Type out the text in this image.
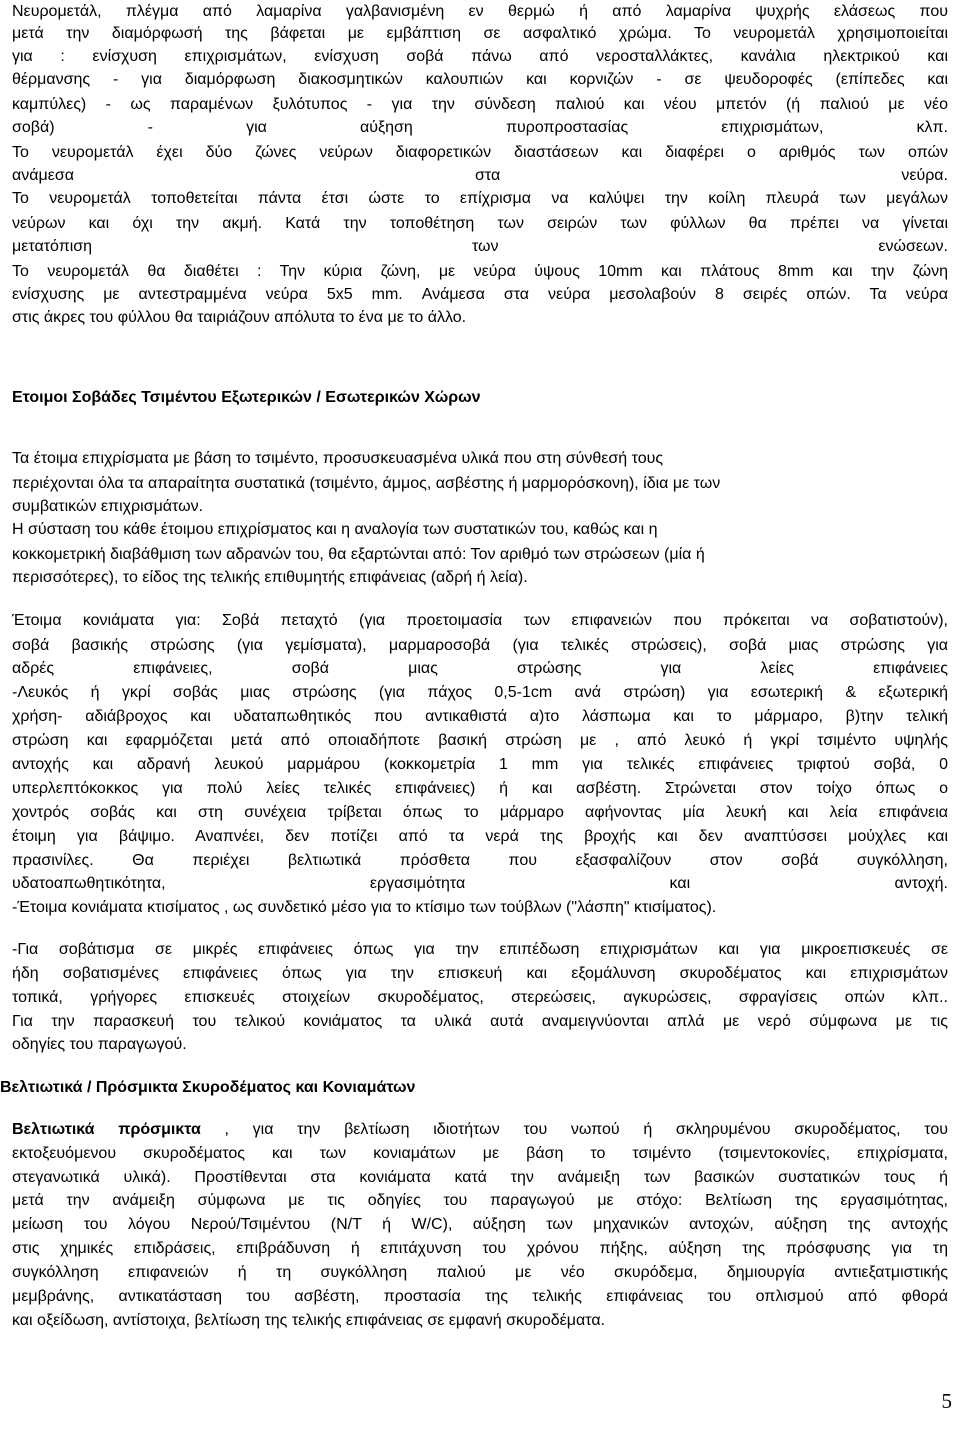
Νευρομετάλ, πλέγμα από λαμαρίνα γαλβανισμένη εν θερμώ ή από λαμαρίνα ψυχρής ελάσεως που
μετά την διαμόρφωσή της βάφεται με εμβάπτιση σε ασφαλτικό χρώμα. Το νευρομετάλ χρησιμοποιείται
για : ενίσχυση επιχρισμάτων, ενίσχυση σοβά πάνω από νεροσταλλάκτες, κανάλια ηλεκτρικού και
θέρμανσης - για διαμόρφωση διακοσμητικών καλουπιών και κορνιζών - σε ψευδοροφές (επίπεδες και
καμπύλες) - ως παραμένων ξυλότυπος - για την σύνδεση παλιού και νέου μπετόν (ή παλιού με νέο
σοβά) - για αύξηση πυροπροστασίας επιχρισμάτων, κλπ.
Το νευρομετάλ έχει δύο ζώνες νεύρων διαφορετικών διαστάσεων και διαφέρει ο αριθμός των οπών
ανάμεσα στα νεύρα.
Το νευρομετάλ τοποθετείται πάντα έτσι ώστε το επίχρισμα να καλύψει την κοίλη πλευρά των μεγάλων
νεύρων και όχι την ακμή. Κατά την τοποθέτηση των σειρών των φύλλων θα πρέπει να γίνεται
μετατόπιση των ενώσεων.
Το νευρομετάλ θα διαθέτει : Την κύρια ζώνη, με νεύρα ύψους 10mm και πλάτους 8mm και την ζώνη
ενίσχυσης με αντεστραμμένα νεύρα 5x5 mm. Ανάμεσα στα νεύρα μεσολαβούν 8 σειρές οπών. Τα νεύρα
στις άκρες του φύλλου θα ταιριάζουν απόλυτα το ένα με το άλλο.
Ετοιμοι Σοβάδες Τσιμέντου Εξωτερικών / Εσωτερικών Χώρων
Τα έτοιμα επιχρίσματα με βάση το τσιμέντο, προσυσκευασμένα υλικά που στη σύνθεσή τους
περιέχονται όλα τα απαραίτητα συστατικά (τσιμέντο, άμμος, ασβέστης ή μαρμορόσκονη), ίδια με των
συμβατικών επιχρισμάτων.
Η σύσταση του κάθε έτοιμου επιχρίσματος και η αναλογία των συστατικών του, καθώς και η
κοκκομετρική διαβάθμιση των αδρανών του, θα εξαρτώνται από: Τον αριθμό των στρώσεων (μία ή
περισσότερες), το είδος της τελικής επιθυμητής επιφάνειας (αδρή ή λεία).
Έτοιμα κονιάματα για: Σοβά πεταχτό (για προετοιμασία των επιφανειών που πρόκειται να σοβατιστούν),
σοβά βασικής στρώσης (για γεμίσματα), μαρμαροσοβά (για τελικές στρώσεις), σοβά μιας στρώσης για
αδρές επιφάνειες, σοβά μιας στρώσης για λείες επιφάνειες
-Λευκός ή γκρί σοβάς μιας στρώσης (για πάχος 0,5-1cm ανά στρώση) για εσωτερική & εξωτερική
χρήση- αδιάβροχος και υδαταπωθητικός που αντικαθιστά α)το λάσπωμα και το μάρμαρο, β)την τελική
στρώση και εφαρμόζεται μετά από οποιαδήποτε βασική στρώση με , από λευκό ή γκρί τσιμέντο υψηλής
αντοχής και αδρανή λευκού μαρμάρου (κοκκομετρία 1 mm για τελικές επιφάνειες τριφτού σοβά, 0
υπερλεπτόκοκκος για πολύ λείες τελικές επιφάνειες) ή και ασβέστη. Στρώνεται στον τοίχο όπως ο
χοντρός σοβάς και στη συνέχεια τρίβεται όπως το μάρμαρο αφήνοντας μία λευκή και λεία επιφάνεια
έτοιμη για βάψιμο. Αναπνέει, δεν ποτίζει από τα νερά της βροχής και δεν αναπτύσσει μούχλες και
πρασινίλες. Θα περιέχει βελτιωτικά πρόσθετα που εξασφαλίζουν στον σοβά συγκόλληση,
υδατοαπωθητικότητα, εργασιμότητα και αντοχή.
-Έτοιμα κονιάματα κτισίματος , ως συνδετικό μέσο για το κτίσιμο των τούβλων ("λάσπη" κτισίματος).
-Για σοβάτισμα σε μικρές επιφάνειες όπως για την επιπέδωση επιχρισμάτων και για μικροεπισκευές σε
ήδη σοβατισμένες επιφάνειες όπως για την επισκευή και εξομάλυνση σκυροδέματος και επιχρισμάτων
τοπικά, γρήγορες επισκευές στοιχείων σκυροδέματος, στερεώσεις, αγκυρώσεις, σφραγίσεις οπών κλπ..
Για την παρασκευή του τελικού κονιάματος τα υλικά αυτά αναμειγνύονται απλά με νερό σύμφωνα με τις
οδηγίες του παραγωγού.
Βελτιωτικά / Πρόσμικτα Σκυροδέματος και Κονιαμάτων
Βελτιωτικά πρόσμικτα , για την βελτίωση ιδιοτήτων του νωπού ή σκληρυμένου σκυροδέματος, του
εκτοξευόμενου σκυροδέματος και των κονιαμάτων με βάση το τσιμέντο (τσιμεντοκονίες, επιχρίσματα,
στεγανωτικά υλικά). Προστίθενται στα κονιάματα κατά την ανάμειξη των βασικών συστατικών τους ή
μετά την ανάμειξη σύμφωνα με τις οδηγίες του παραγωγού με στόχο: Βελτίωση της εργασιμότητας,
μείωση του λόγου Νερού/Τσιμέντου (Ν/Τ ή W/C), αύξηση των μηχανικών αντοχών, αύξηση της αντοχής
στις χημικές επιδράσεις, επιβράδυνση ή επιτάχυνση του χρόνου πήξης, αύξηση της πρόσφυσης για τη
συγκόλληση επιφανειών ή τη συγκόλληση παλιού με νέο σκυρόδεμα, δημιουργία αντιεξατμιστικής
μεμβράνης, αντικατάσταση του ασβέστη, προστασία της τελικής επιφάνειας του οπλισμού από φθορά
και οξείδωση, αντίστοιχα, βελτίωση της τελικής επιφάνειας σε εμφανή σκυροδέματα.
5
